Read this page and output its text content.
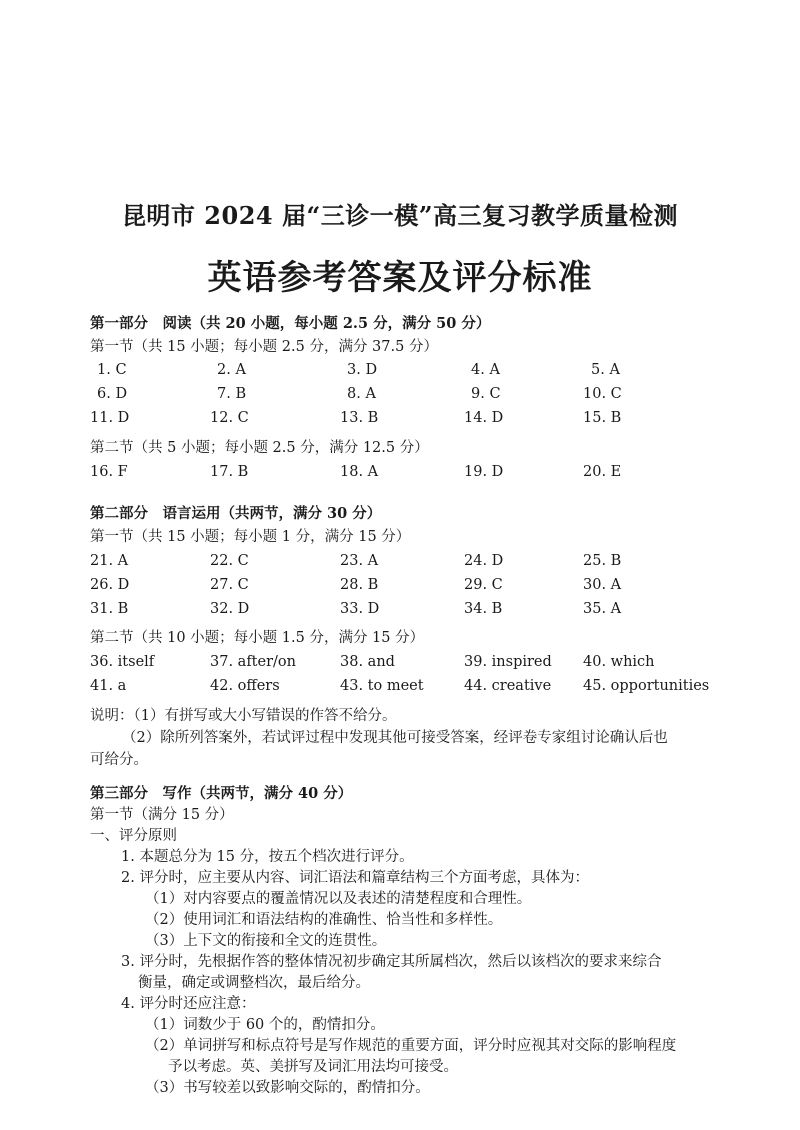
昆明市 2024 届“三诊一模”高三复习教学质量检测
英语参考答案及评分标准
第一部分　阅读（共 20 小题，每小题 2.5 分，满分 50 分）
第一节（共 15 小题；每小题 2.5 分，满分 37.5 分）
1. C	2. A	3. D	4. A	5. A
6. D	7. B	8. A	9. C	10. C
11. D	12. C	13. B	14. D	15. B
第二节（共 5 小题；每小题 2.5 分，满分 12.5 分）
16. F	17. B	18. A	19. D	20. E
第二部分　语言运用（共两节，满分 30 分）
第一节（共 15 小题；每小题 1 分，满分 15 分）
21. A	22. C	23. A	24. D	25. B
26. D	27. C	28. B	29. C	30. A
31. B	32. D	33. D	34. B	35. A
第二节（共 10 小题；每小题 1.5 分，满分 15 分）
36. itself	37. after/on	38. and	39. inspired 40. which
41. a	42. offers	43. to meet	44. creative 45. opportunities
说明：（1）有拼写或大小写错误的作答不给分。
（2）除所列答案外，若试评过程中发现其他可接受答案，经评卷专家组讨论确认后也
可给分。
第三部分　写作（共两节，满分 40 分）
第一节（满分 15 分）
一、评分原则
1. 本题总分为 15 分，按五个档次进行评分。
2. 评分时，应主要从内容、词汇语法和篇章结构三个方面考虑，具体为：
（1）对内容要点的覆盖情况以及表述的清楚程度和合理性。
（2）使用词汇和语法结构的准确性、恰当性和多样性。
（3）上下文的衔接和全文的连贯性。
3. 评分时，先根据作答的整体情况初步确定其所属档次，然后以该档次的要求来综合
衡量，确定或调整档次，最后给分。
4. 评分时还应注意：
（1）词数少于 60 个的，酌情扣分。
（2）单词拼写和标点符号是写作规范的重要方面，评分时应视其对交际的影响程度
予以考虑。英、美拼写及词汇用法均可接受。
（3）书写较差以致影响交际的，酌情扣分。
